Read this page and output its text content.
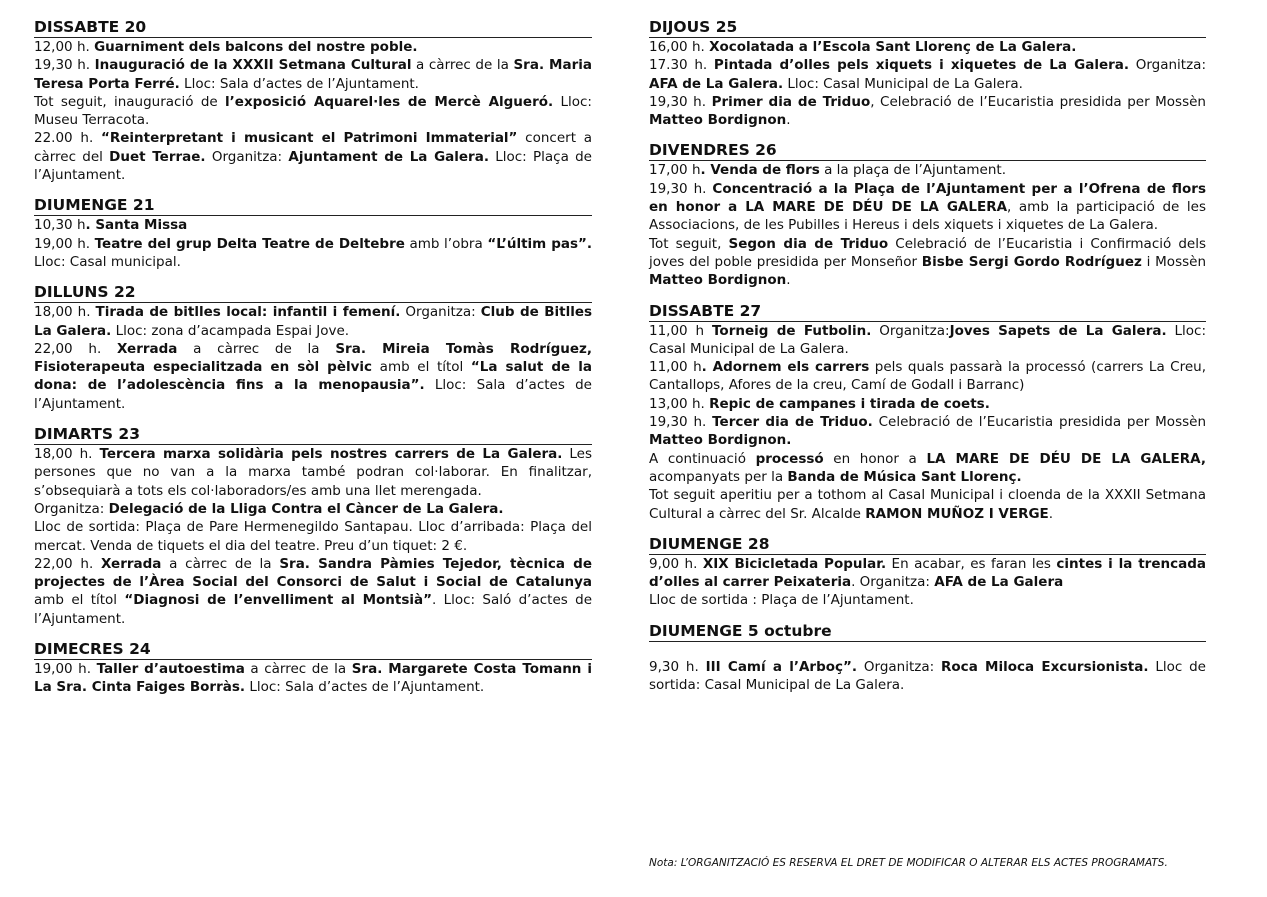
DISSABTE 20

12,00 h. Guarniment dels balcons del nostre poble.

19,30 h. Inauguració de la XXXII Setmana Cultural a càrrec de la Sra. Maria Teresa Porta Ferré. Lloc: Sala d’actes de l’Ajuntament.

Tot seguit, inauguració de l’exposició Aquarel·les de Mercè Algueró. Lloc: Museu Terracota.

22.00 h. “Reinterpretant i musicant el Patrimoni Immaterial” concert a càrrec del Duet Terrae. Organitza: Ajuntament de La Galera. Lloc: Plaça de l’Ajuntament.

DIUMENGE 21

10,30 h. Santa Missa

19,00 h. Teatre del grup Delta Teatre de Deltebre amb l’obra “L’últim pas”. Lloc: Casal municipal.

DILLUNS 22

18,00 h. Tirada de bitlles local: infantil i femení. Organitza: Club de Bitlles La Galera. Lloc: zona d’acampada Espai Jove.

22,00 h. Xerrada a càrrec de la Sra. Mireia Tomàs Rodríguez, Fisioterapeuta especialitzada en sòl pèlvic amb el títol “La salut de la dona: de l’adolescència fins a la menopausia”. Lloc: Sala d’actes de l’Ajuntament.

DIMARTS 23

18,00 h. Tercera marxa solidària pels nostres carrers de La Galera. Les persones que no van a la marxa també podran col·laborar. En finalitzar, s’obsequiarà a tots els col·laboradors/es amb una llet merengada.

Organitza: Delegació de la Lliga Contra el Càncer de La Galera.

Lloc de sortida: Plaça de Pare Hermenegildo Santapau. Lloc d’arribada: Plaça del mercat. Venda de tiquets el dia del teatre. Preu d’un tiquet: 2 €.

22,00 h. Xerrada a càrrec de la Sra. Sandra Pàmies Tejedor, tècnica de projectes de l’Àrea Social del Consorci de Salut i Social de Catalunya amb el títol “Diagnosi de l’envelliment al Montsià”. Lloc: Saló d’actes de l’Ajuntament.

DIMECRES 24

19,00 h. Taller d’autoestima a càrrec de la Sra. Margarete Costa Tomann i La Sra. Cinta Faiges Borràs. Lloc: Sala d’actes de l’Ajuntament.

DIJOUS 25

16,00 h. Xocolatada a l’Escola Sant Llorenç de La Galera.

17.30 h. Pintada d’olles pels xiquets i xiquetes de La Galera. Organitza: AFA de La Galera. Lloc: Casal Municipal de La Galera.

19,30 h. Primer dia de Triduo, Celebració de l’Eucaristia presidida per Mossèn Matteo Bordignon.

DIVENDRES 26

17,00 h. Venda de flors a la plaça de l’Ajuntament.

19,30 h. Concentració a la Plaça de l’Ajuntament per a l’Ofrena de flors en honor a LA MARE DE DÉU DE LA GALERA, amb la participació de les Associacions, de les Pubilles i Hereus i dels xiquets i xiquetes de La Galera.

Tot seguit, Segon dia de Triduo Celebració de l’Eucaristia i Confirmació dels joves del poble presidida per Monseñor Bisbe Sergi Gordo Rodríguez i Mossèn Matteo Bordignon.

DISSABTE 27

11,00 h Torneig de Futbolin. Organitza:Joves Sapets de La Galera. Lloc: Casal Municipal de La Galera.

11,00 h. Adornem els carrers pels quals passarà la processó (carrers La Creu, Cantallops, Afores de la creu, Camí de Godall i Barranc)

13,00 h. Repic de campanes i tirada de coets.

19,30 h. Tercer dia de Triduo. Celebració de l’Eucaristia presidida per Mossèn Matteo Bordignon.

A continuació processó en honor a LA MARE DE DÉU DE LA GALERA, acompanyats per la Banda de Música Sant Llorenç.

Tot seguit aperitiu per a tothom al Casal Municipal i cloenda de la XXXII Setmana Cultural a càrrec del Sr. Alcalde RAMON MUÑOZ I VERGE.

DIUMENGE 28

9,00 h. XIX Bicicletada Popular. En acabar, es faran les cintes i la trencada d’olles al carrer Peixateria. Organitza: AFA de La Galera

Lloc de sortida : Plaça de l’Ajuntament.

DIUMENGE 5 octubre

9,30 h. III Camí a l’Arboç”. Organitza: Roca Miloca Excursionista. Lloc de sortida: Casal Municipal de La Galera.

Nota: L’ORGANITZACIÓ ES RESERVA EL DRET DE MODIFICAR O ALTERAR ELS ACTES PROGRAMATS.
